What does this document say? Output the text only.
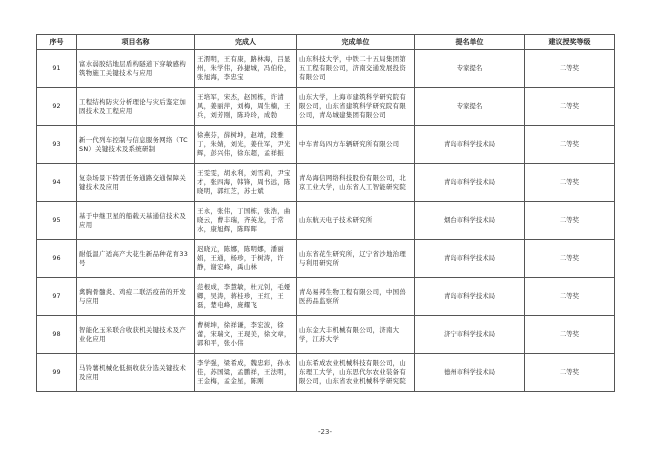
序号	项目名称	完成人	完成单位	提名单位	建议授奖等级
91	富水弱胶结地层盾构隧道下穿敏感构筑物施工关键技术与应用	王渭明，王有康，路林海，吕显州，朱学伟，孙捷城，冯伯伦，张旭海，李忠宝	山东科技大学，中铁二十五局集团第五工程有限公司，济南交通发展投资有限公司	专家提名	二等奖
92	工程结构防灾分析理论与灾后鉴定加固技术及工程应用	王培军，宋杰，赵国栋，许清风，姜丽萍，刘梅，周生楠，王兵，刘芳刚，陈玲玲，成勃	山东大学，上海市建筑科学研究院有限公司，山东省建筑科学研究院有限公司，青岛城建集团有限公司	专家提名	二等奖
93	新一代列车控制与信息服务网络（TCSN）关键技术及系统研制	徐燕芬，薛树坤，赵靖，段雅丁，朱婧，刘光，姜仕军，尹光辉，彭兴伟，徐东超，孟祥振	中车青岛四方车辆研究所有限公司	青岛市科学技术局	二等奖
94	复杂场景下特需任务通路交通保障关键技术及应用	王雯雯，胡永利，刘雪莉，尹宝才，张四海，韩锋，周书远，陈晓明，郭红芝，苏士斌	青岛海信网络科技股份有限公司，北京工业大学，山东省人工智能研究院	青岛市科学技术局	二等奖
95	基于中继卫星的船载天基通信技术及应用	王永，张伟，丁国栋，张浩，曲晓云，曹丰瑞，齐英龙，于常水，康旭辉，陈晖晖	山东航天电子技术研究所	烟台市科学技术局	二等奖
96	耐低温广适高产大花生新品种花育33号	迟晓元，陈娜，陈明娜，潘丽娟，王通，杨珍，于树涛，许静，谢宏峰，禹山林	山东省花生研究所，辽宁省沙地治理与利用研究所	青岛市科学技术局	二等奖
97	禽胸骨髓炎、鸡痘二联活疫苗的开发与应用	范根成，李慧敏，杜元钊，毛娅卿，吴涛，蒋桂珍，王红，王磊，楚电峰，庞耀飞	青岛易邦生物工程有限公司，中国兽医药品监察所	青岛市科学技术局	二等奖
98	智能化玉米联合收获机关键技术及产业化应用	曹树坤，徐祥谦，李宏波，徐蕾，宋瑞文，王现美，徐文章，郭和平，张小伟	山东金大丰机械有限公司，济南大学，江苏大学	济宁市科学技术局	二等奖
99	马铃薯机械化低损收获分选关键技术及应用	李学强，梁希成，魏忠彩，孙永佳，苏国粱，孟鹏祥，王法明，王金梅，孟金星，陈刚	山东希成农业机械科技有限公司，山东理工大学，山东思代尔农业装备有限公司，山东省农业机械科学研究院	德州市科学技术局	二等奖
-23-
